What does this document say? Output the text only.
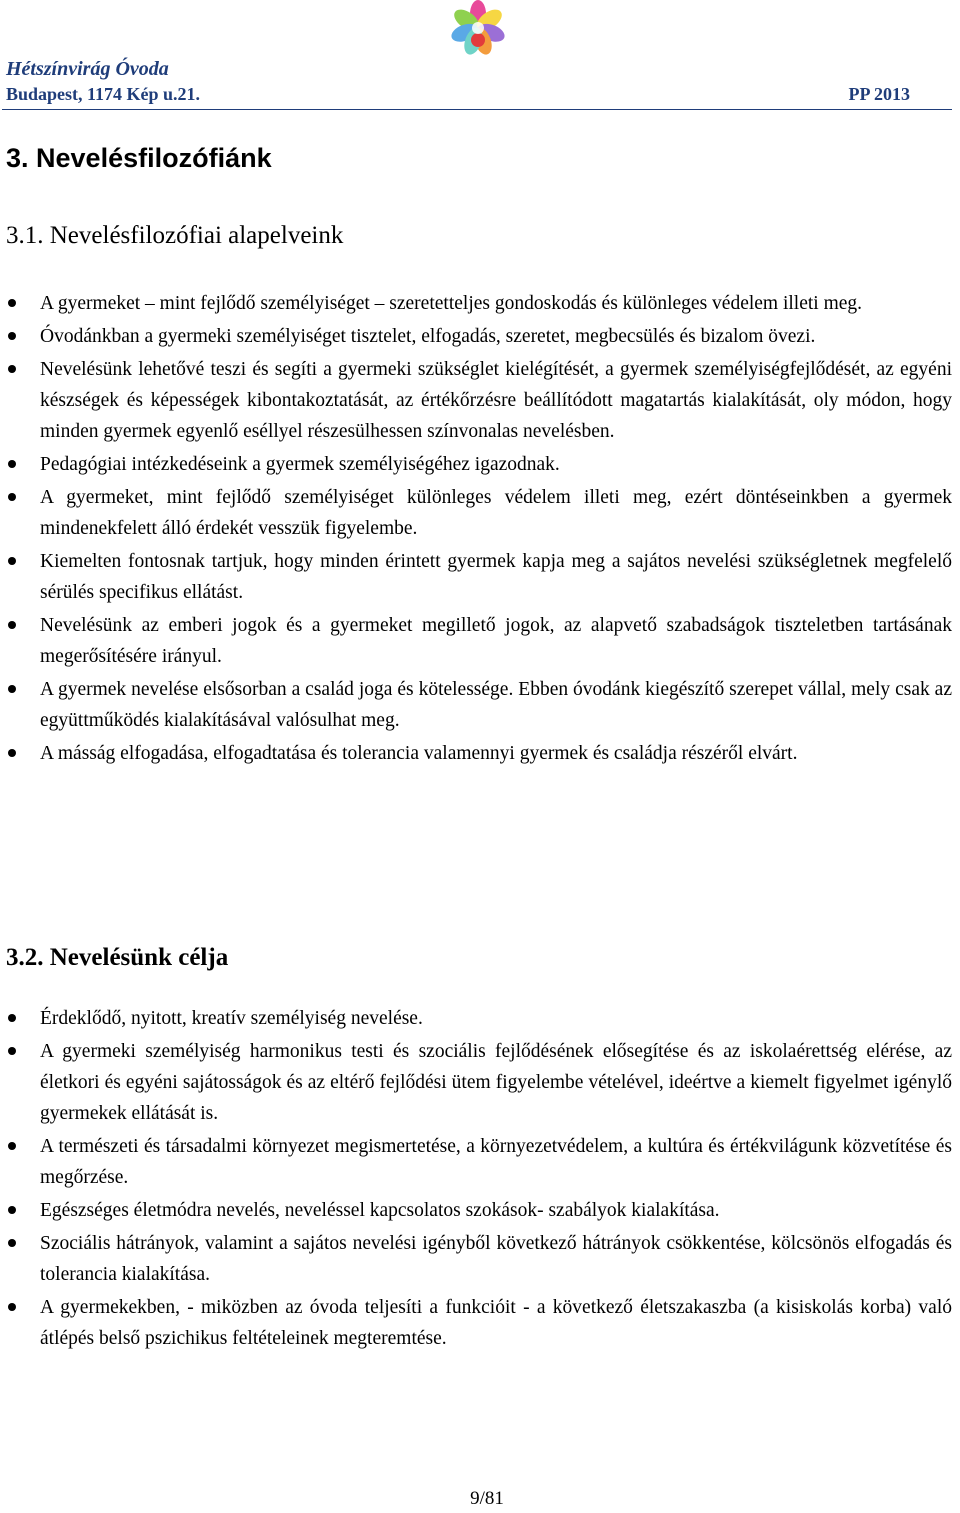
Hétszínvirág Óvoda
Budapest, 1174 Kép u.21.	PP 2013
3. Nevelésfilozófiánk
3.1. Nevelésfilozófiai alapelveink
A gyermeket – mint fejlődő személyiséget – szeretetteljes gondoskodás és különleges védelem illeti meg.
Óvodánkban a gyermeki személyiséget tisztelet, elfogadás, szeretet, megbecsülés és bizalom övezi.
Nevelésünk lehetővé teszi és segíti a gyermeki szükséglet kielégítését, a gyermek személyiségfejlődését, az egyéni készségek és képességek kibontakoztatását, az értékőrzésre beállítódott magatartás kialakítását, oly módon, hogy minden gyermek egyenlő eséllyel részesülhessen színvonalas nevelésben.
Pedagógiai intézkedéseink a gyermek személyiségéhez igazodnak.
A gyermeket, mint fejlődő személyiséget különleges védelem illeti meg, ezért döntéseinkben a gyermek mindenekfelett álló érdekét vesszük figyelembe.
Kiemelten fontosnak tartjuk, hogy minden érintett gyermek kapja meg a sajátos nevelési szükségletnek megfelelő sérülés specifikus ellátást.
Nevelésünk az emberi jogok és a gyermeket megillető jogok, az alapvető szabadságok tiszteletben tartásának megerősítésére irányul.
A gyermek nevelése elsősorban a család joga és kötelessége. Ebben óvodánk kiegészítő szerepet vállal, mely csak az együttműködés kialakításával valósulhat meg.
A másság elfogadása, elfogadtatása és tolerancia valamennyi gyermek és családja részéről elvárt.
3.2. Nevelésünk célja
Érdeklődő, nyitott, kreatív személyiség nevelése.
A gyermeki személyiség harmonikus testi és szociális fejlődésének elősegítése és az iskolaérettség elérése, az életkori és egyéni sajátosságok és az eltérő fejlődési ütem figyelembe vételével, ideértve a kiemelt figyelmet igénylő gyermekek ellátását is.
A természeti és társadalmi környezet megismertetése, a környezetvédelem, a kultúra és értékvilágunk közvetítése és megőrzése.
Egészséges életmódra nevelés, neveléssel kapcsolatos szokások- szabályok kialakítása.
Szociális hátrányok, valamint a sajátos nevelési igényből következő hátrányok csökkentése, kölcsönös elfogadás és tolerancia kialakítása.
A gyermekekben, - miközben az óvoda teljesíti a funkcióit - a következő életszakaszba (a kisiskolás korba) való átlépés belső pszichikus feltételeinek megteremtése.
9/81
